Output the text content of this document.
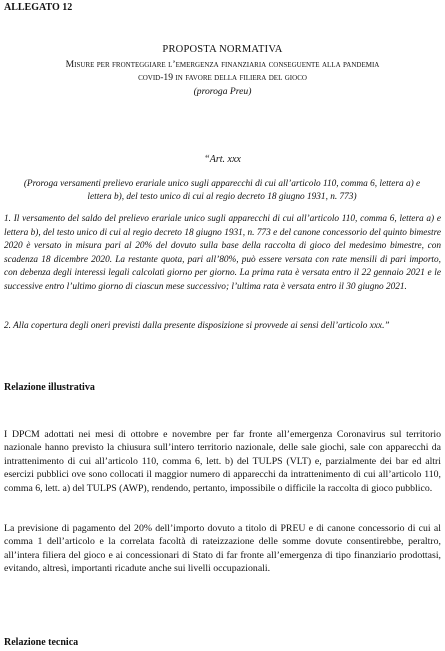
ALLEGATO 12
PROPOSTA NORMATIVA
Misure per fronteggiare l’emergenza finanziaria conseguente alla pandemia
covid-19 in favore della filiera del gioco
(proroga Preu)
“Art. xxx
(Proroga versamenti prelievo erariale unico sugli apparecchi di cui all’articolo 110, comma 6, lettera a) e lettera b), del testo unico di cui al regio decreto 18 giugno 1931, n. 773)
1. Il versamento del saldo del prelievo erariale unico sugli apparecchi di cui all’articolo 110, comma 6, lettera a) e lettera b), del testo unico di cui al regio decreto 18 giugno 1931, n. 773 e del canone concessorio del quinto bimestre 2020 è versato in misura pari al 20% del dovuto sulla base della raccolta di gioco del medesimo bimestre, con scadenza 18 dicembre 2020. La restante quota, pari all’80%, può essere versata con rate mensili di pari importo, con debenza degli interessi legali calcolati giorno per giorno. La prima rata è versata entro il 22 gennaio 2021 e le successive entro l’ultimo giorno di ciascun mese successivo; l’ultima rata è versata entro il 30 giugno 2021.
2. Alla copertura degli oneri previsti dalla presente disposizione si provvede ai sensi dell’articolo xxx.”
Relazione illustrativa
I DPCM adottati nei mesi di ottobre e novembre per far fronte all’emergenza Coronavirus sul territorio nazionale hanno previsto la chiusura sull’intero territorio nazionale, delle sale giochi, sale con apparecchi da intrattenimento di cui all’articolo 110, comma 6, lett. b) del TULPS (VLT) e, parzialmente dei bar ed altri esercizi pubblici ove sono collocati il maggior numero di apparecchi da intrattenimento di cui all’articolo 110, comma 6, lett. a) del TULPS (AWP), rendendo, pertanto, impossibile o difficile la raccolta di gioco pubblico.
La previsione di pagamento del 20% dell’importo dovuto a titolo di PREU e di canone concessorio di cui al comma 1 dell’articolo e la correlata facoltà di rateizzazione delle somme dovute consentirebbe, peraltro, all’intera filiera del gioco e ai concessionari di Stato di far fronte all’emergenza di tipo finanziario prodottasi, evitando, altresì, importanti ricadute anche sui livelli occupazionali.
Relazione tecnica
